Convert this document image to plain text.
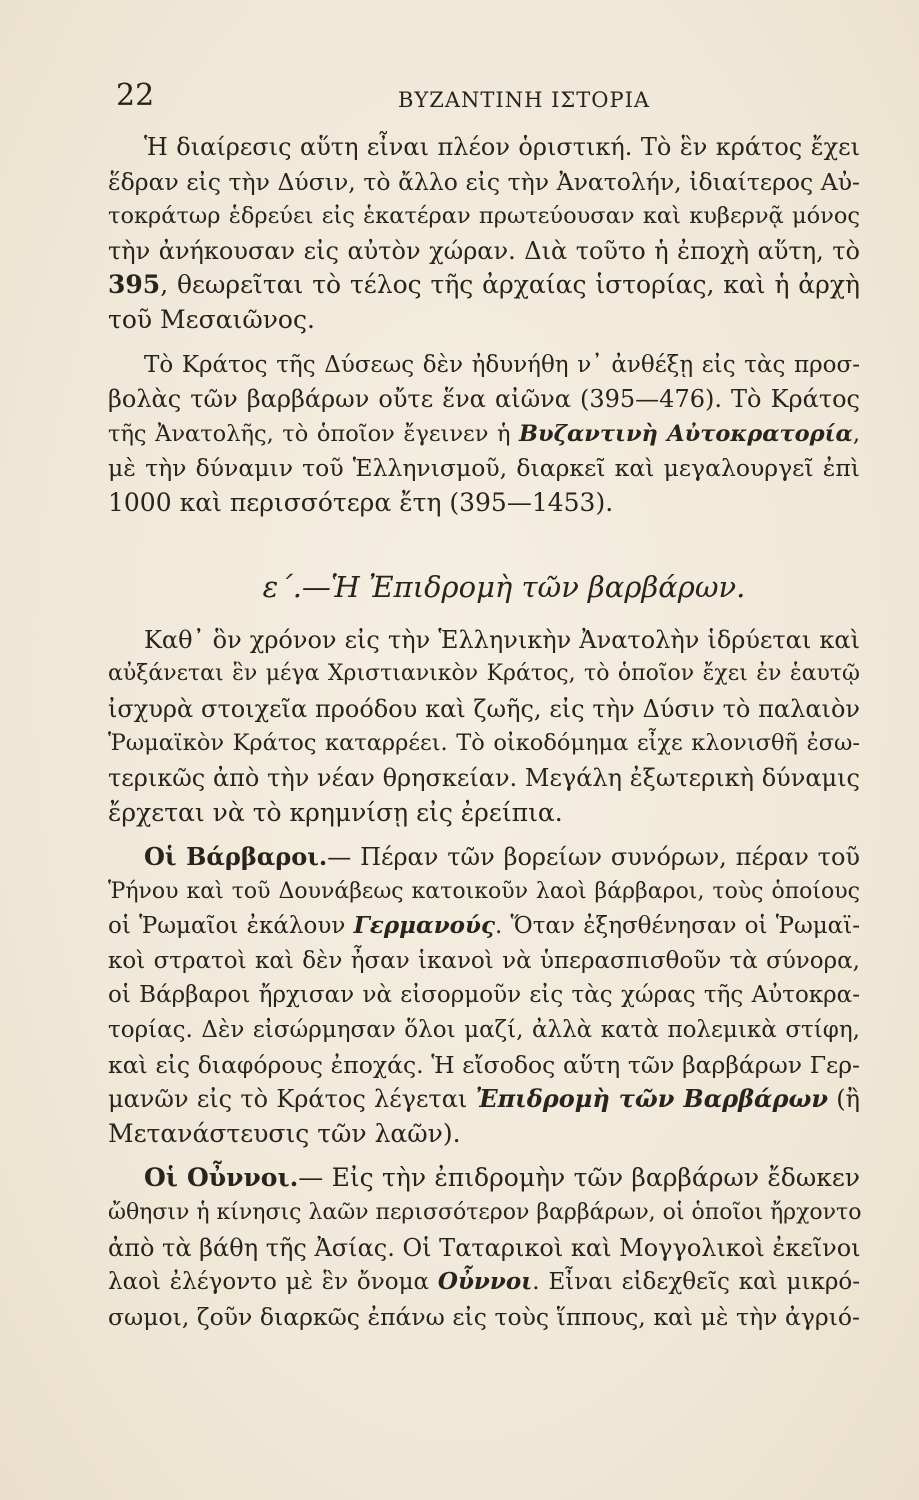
22	ΒΥΖΑΝΤΙΝΗ ΙΣΤΟΡΙΑ
Ἡ διαίρεσις αὕτη εἶναι πλέον ὁριστική. Τὸ ἓν κράτος ἔχει
ἕδραν εἰς τὴν Δύσιν, τὸ ἄλλο εἰς τὴν Ἀνατολήν, ἰδιαίτερος Αὐ-
τοκράτωρ ἑδρεύει εἰς ἑκατέραν πρωτεύουσαν καὶ κυβερνᾷ μόνος
τὴν ἀνήκουσαν εἰς αὐτὸν χώραν. Διὰ τοῦτο ἡ ἐποχὴ αὕτη, τὸ
395, θεωρεῖται τὸ τέλος τῆς ἀρχαίας ἱστορίας, καὶ ἡ ἀρχὴ
τοῦ Μεσαιῶνος.
Τὸ Κράτος τῆς Δύσεως δὲν ἠδυνήθη ν᾽ ἀνθέξῃ εἰς τὰς προσ-
βολὰς τῶν βαρβάρων οὔτε ἕνα αἰῶνα (395—476). Τὸ Κράτος
τῆς Ἀνατολῆς, τὸ ὁποῖον ἔγεινεν ἡ Βυζαντινὴ Αὐτοκρατορία,
μὲ τὴν δύναμιν τοῦ Ἑλληνισμοῦ, διαρκεῖ καὶ μεγαλουργεῖ ἐπὶ
1000 καὶ περισσότερα ἔτη (395—1453).
ε΄.—Ἡ Ἐπιδρομὴ τῶν βαρβάρων.
Καθ᾽ ὃν χρόνον εἰς τὴν Ἑλληνικὴν Ἀνατολὴν ἱδρύεται καὶ
αὐξάνεται ἓν μέγα Χριστιανικὸν Κράτος, τὸ ὁποῖον ἔχει ἐν ἑαυτῷ
ἰσχυρὰ στοιχεῖα προόδου καὶ ζωῆς, εἰς τὴν Δύσιν τὸ παλαιὸν
Ῥωμαϊκὸν Κράτος καταρρέει. Τὸ οἰκοδόμημα εἶχε κλονισθῆ ἐσω-
τερικῶς ἀπὸ τὴν νέαν θρησκείαν. Μεγάλη ἐξωτερικὴ δύναμις
ἔρχεται νὰ τὸ κρημνίσῃ εἰς ἐρείπια.
Οἱ Βάρβαροι.— Πέραν τῶν βορείων συνόρων, πέραν τοῦ
Ῥήνου καὶ τοῦ Δουνάβεως κατοικοῦν λαοὶ βάρβαροι, τοὺς ὁποίους
οἱ Ῥωμαῖοι ἐκάλουν Γερμανούς. Ὅταν ἐξησθένησαν οἱ Ῥωμαϊ-
κοὶ στρατοὶ καὶ δὲν ἦσαν ἱκανοὶ νὰ ὑπερασπισθοῦν τὰ σύνορα,
οἱ Βάρβαροι ἤρχισαν νὰ εἰσορμοῦν εἰς τὰς χώρας τῆς Αὐτοκρα-
τορίας. Δὲν εἰσώρμησαν ὅλοι μαζί, ἀλλὰ κατὰ πολεμικὰ στίφη,
καὶ εἰς διαφόρους ἐποχάς. Ἡ εἴσοδος αὕτη τῶν βαρβάρων Γερ-
μανῶν εἰς τὸ Κράτος λέγεται Ἐπιδρομὴ τῶν Βαρβάρων (ἢ
Μετανάστευσις τῶν λαῶν).
Οἱ Οὖννοι.— Εἰς τὴν ἐπιδρομὴν τῶν βαρβάρων ἔδωκεν
ὤθησιν ἡ κίνησις λαῶν περισσότερον βαρβάρων, οἱ ὁποῖοι ἤρχοντο
ἀπὸ τὰ βάθη τῆς Ἀσίας. Οἱ Ταταρικοὶ καὶ Μογγολικοὶ ἐκεῖνοι
λαοὶ ἐλέγοντο μὲ ἓν ὄνομα Οὖννοι. Εἶναι εἰδεχθεῖς καὶ μικρό-
σωμοι, ζοῦν διαρκῶς ἐπάνω εἰς τοὺς ἵππους, καὶ μὲ τὴν ἀγριό-
